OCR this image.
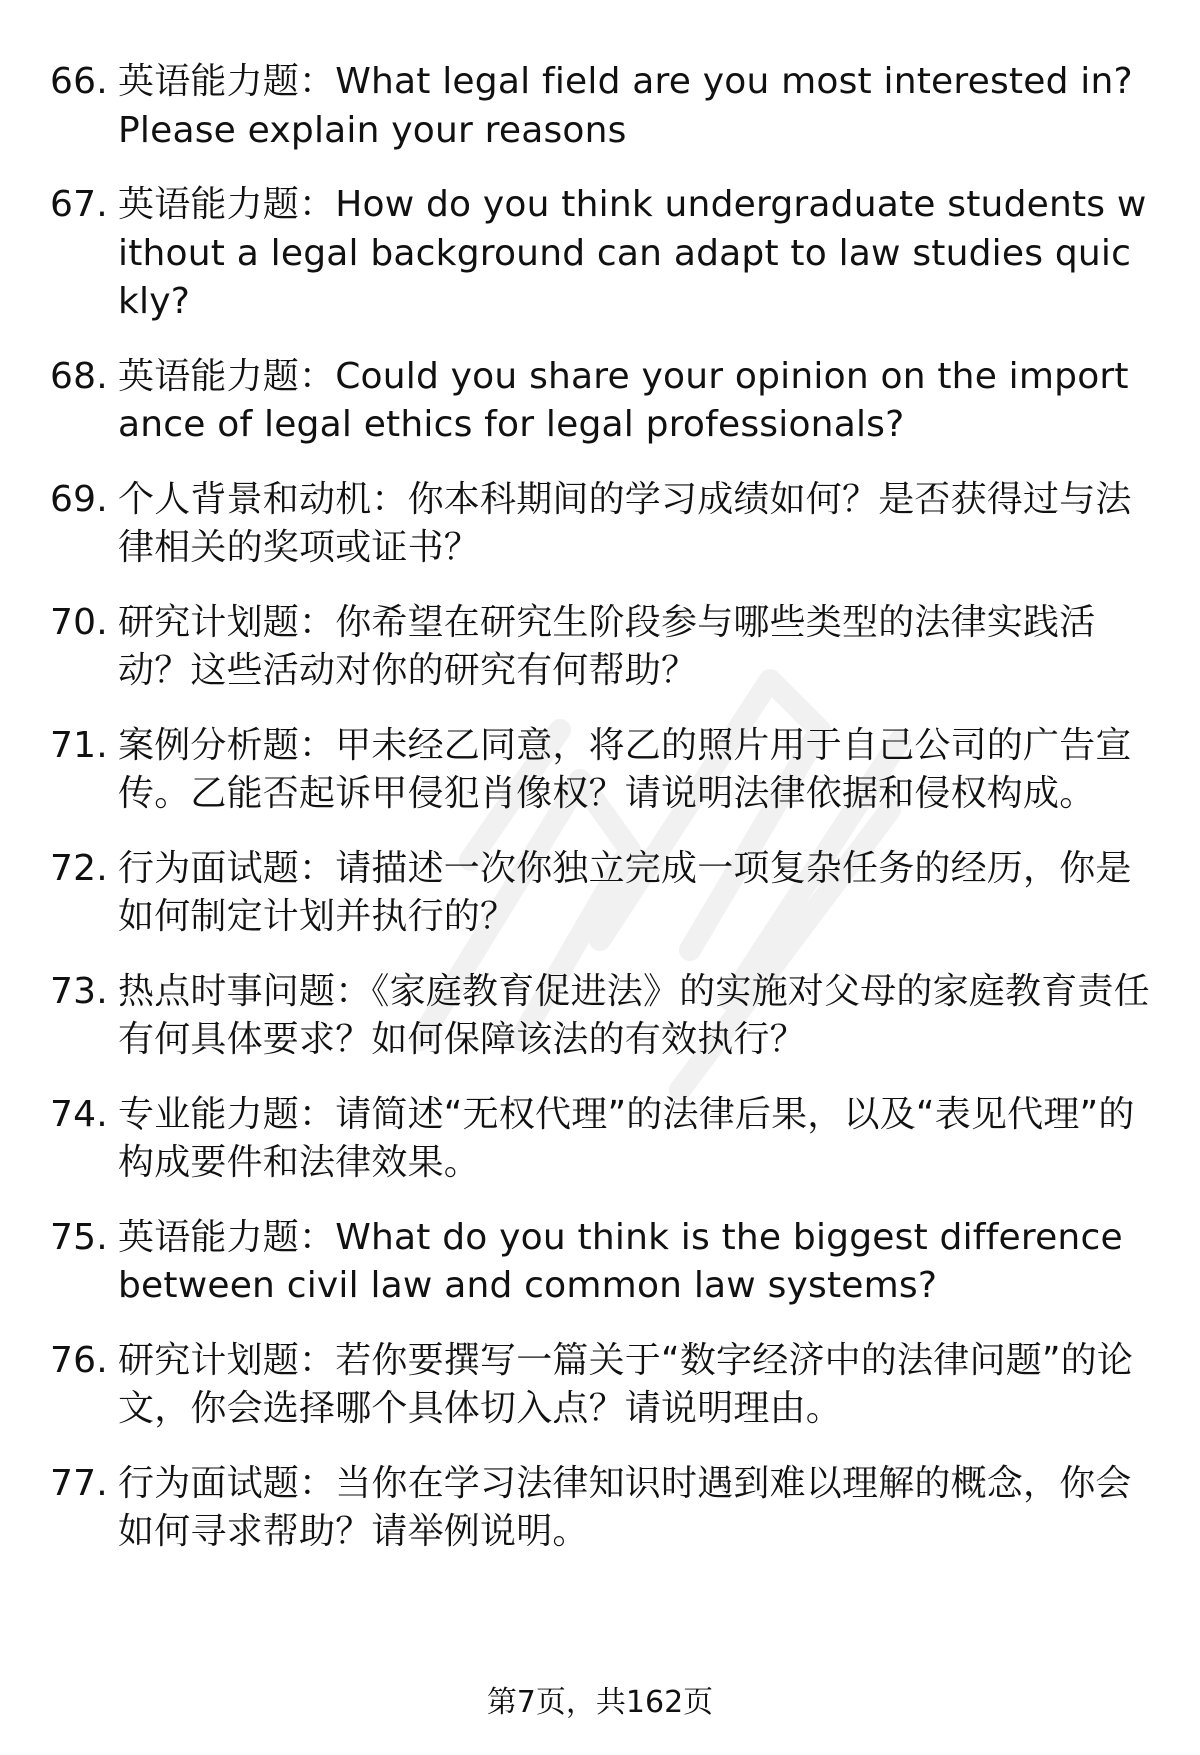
66. 英语能力题：What legal field are you most interested in? Please explain your reasons
67. 英语能力题：How do you think undergraduate students without a legal background can adapt to law studies quickly?
68. 英语能力题：Could you share your opinion on the importance of legal ethics for legal professionals?
69. 个人背景和动机：你本科期间的学习成绩如何？是否获得过与法律相关的奖项或证书？
70. 研究计划题：你希望在研究生阶段参与哪些类型的法律实践活动？这些活动对你的研究有何帮助？
71. 案例分析题：甲未经乙同意，将乙的照片用于自己公司的广告宣传。乙能否起诉甲侵犯肖像权？请说明法律依据和侵权构成。
72. 行为面试题：请描述一次你独立完成一项复杂任务的经历，你是如何制定计划并执行的？
73. 热点时事问题：《家庭教育促进法》的实施对父母的家庭教育责任有何具体要求？如何保障该法的有效执行？
74. 专业能力题：请简述“无权代理”的法律后果，以及“表见代理”的构成要件和法律效果。
75. 英语能力题：What do you think is the biggest difference between civil law and common law systems?
76. 研究计划题：若你要撰写一篇关于“数字经济中的法律问题”的论文，你会选择哪个具体切入点？请说明理由。
77. 行为面试题：当你在学习法律知识时遇到难以理解的概念，你会如何寻求帮助？请举例说明。
第7页，共162页
